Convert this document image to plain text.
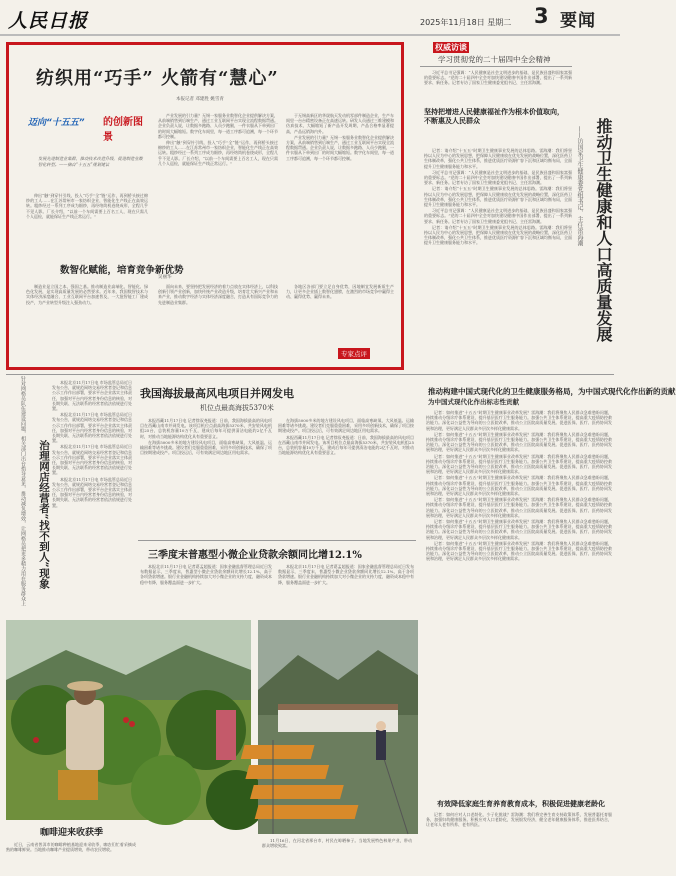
人民日报	2025年11月18日 星期二 3 要闻
纺织用“巧手” 火箭有“慧心”
本报记者 邓建胜 姚雪青
迈向“十五五” 的创新图景
发展先进制造业集群，推动技术改造升级，促进制造业数智化转型。——摘自“十五五”规划建议

伸出“触”到穿针引线，投入“巧手”全“链”运作，再到桥头接过棉纱的工人……在江苏常州市一家纺织企业，智能化生产线正在高效运转。粗纱经过一系列工序成为细纱，再经络筒机卷绕成形，全程几乎不见人影。厂长介绍，“以前一个车间需要上百名工人，现在只需几个人巡检，就能保证生产线正常运行。”

产业发展的引力量？无锡一家服务业数智化企业提供解决方案，从前端销售到后端生产，通过工业互联网平台实现全流程数据贯通。企业负责人说，让数据多跑路、人员少跑腿，一件衣服从下单到出厂的时间大幅缩短。数字化车间里，每一道工序都可追溯，每一个环节都可控制。

伸出“触”到穿针引线，投入“巧手”全“链”运作，再到桥头接过棉纱的工人……在江苏常州市一家纺织企业，智能化生产线正在高效运转。粗纱经过一系列工序成为细纱，再经络筒机卷绕成形，全程几乎不见人影。厂长介绍，“以前一个车间需要上百名工人，现在只需几个人巡检，就能保证生产线正常运行。”

于无锡高新区的华晟航天发动机零部件制造企业，生产车间里一台台精密设备正在高速运转。研发人员通过三维建模和仿真技术，大幅缩短了新产品开发周期，产品合格率显著提高，产品远销海内外。

产业发展的引力量？无锡一家服务业数智化企业提供解决方案，从前端销售到后端生产，通过工业互联网平台实现全流程数据贯通。企业负责人说，让数据多跑路、人员少跑腿，一件衣服从下单到出厂的时间大幅缩短。数字化车间里，每一道工序都可追溯，每一个环节都可控制。

数智化赋能，培育竞争新优势
吴丽华

制造业是立国之本、强国之基。推动制造业高端化、智能化、绿色化发展，是实现高质量发展的必然要求。近年来，我国数智技术与实体经济深度融合，工业互联网平台加速普及，一大批智能工厂建成投产，为产业转型升级注入强劲动力。

面向未来，要坚持把发展经济的着力点放在实体经济上，以科技创新引领产业创新，加快传统产业改造升级，培育壮大新兴产业和未来产业，推动数字经济与实体经济深度融合，打造具有国际竞争力的先进制造业集群。

各地区各部门要立足自身优势，因地制宜发展新质生产力，让更多企业插上数智化翅膀，在激烈的市场竞争中赢得主动、赢得优势、赢得未来。

专家点评
权威访谈
学习贯彻党的二十届四中全会精神

习近平总书记强调：“人民健康是社会文明进步的基础，是民族昌盛和国家富强的重要标志。”党的二十届四中全会对加快建设健康中国作出部署，提出了一系列新要求、新任务。记者专访了国家卫生健康委党组书记、主任雷海潮。

坚持把增进人民健康福祉作为根本价值取向，不断惠及人民群众

记者：请介绍“十五五”时期卫生健康事业发展的总体思路。雷海潮：我们将坚持以人民为中心的发展思想，把保障人民健康放在优先发展的战略位置，深化医药卫生体制改革，强化公共卫生体系，推进优质医疗资源扩容下沉和区域均衡布局，全面提升卫生健康服务能力和水平。

习近平总书记强调：“人民健康是社会文明进步的基础，是民族昌盛和国家富强的重要标志。”党的二十届四中全会对加快建设健康中国作出部署，提出了一系列新要求、新任务。记者专访了国家卫生健康委党组书记、主任雷海潮。

记者：请介绍“十五五”时期卫生健康事业发展的总体思路。雷海潮：我们将坚持以人民为中心的发展思想，把保障人民健康放在优先发展的战略位置，深化医药卫生体制改革，强化公共卫生体系，推进优质医疗资源扩容下沉和区域均衡布局，全面提升卫生健康服务能力和水平。

习近平总书记强调：“人民健康是社会文明进步的基础，是民族昌盛和国家富强的重要标志。”党的二十届四中全会对加快建设健康中国作出部署，提出了一系列新要求、新任务。记者专访了国家卫生健康委党组书记、主任雷海潮。

记者：请介绍“十五五”时期卫生健康事业发展的总体思路。雷海潮：我们将坚持以人民为中心的发展思想，把保障人民健康放在优先发展的战略位置，深化医药卫生体制改革，强化公共卫生体系，推进优质医疗资源扩容下沉和区域均衡布局，全面提升卫生健康服务能力和水平。	推动卫生健康和人口高质量发展
——访国家卫生健康委党组书记、主任雷海潮
针对网格员队伍建设问题，相关部门出台指导意见，推动减负增效，让网格员把更多精力用在服务群众上	治理网店经营者“找不到人”现象

本报北京11月17日电 市场监管总局近日发布公告，就规范网络交易经营者登记和信息公示工作作出部署，要求平台企业落实主体责任，加强对平台内经营者身份信息的核验，对长期失联、无法联系的经营者依法依规进行处置。

本报北京11月17日电 市场监管总局近日发布公告，就规范网络交易经营者登记和信息公示工作作出部署，要求平台企业落实主体责任，加强对平台内经营者身份信息的核验，对长期失联、无法联系的经营者依法依规进行处置。

本报北京11月17日电 市场监管总局近日发布公告，就规范网络交易经营者登记和信息公示工作作出部署，要求平台企业落实主体责任，加强对平台内经营者身份信息的核验，对长期失联、无法联系的经营者依法依规进行处置。

本报北京11月17日电 市场监管总局近日发布公告，就规范网络交易经营者登记和信息公示工作作出部署，要求平台企业落实主体责任，加强对平台内经营者身份信息的核验，对长期失联、无法联系的经营者依法依规进行处置。

我国海拔最高风电项目并网发电
机位点最高海拔5370米

本报西藏11月17日电 记者徐驭尧报道：日前，我国海拔最高的风电项目在西藏山南市并网发电。该项目机位点最高海拔5370米，共安装风电机组25台，总装机容量10万千瓦，建成后每年可提供清洁电能约2亿千瓦时，对推动当地能源结构优化具有重要意义。

在海拔5000多米的地方建设风电项目，面临高寒缺氧、大风低温、运输困难等诸多挑战。建设者们克服重重困难，采用多项创新技术，确保了项目按期建成投产。项目投运后，可有效满足周边地区用电需求。

在海拔5000多米的地方建设风电项目，面临高寒缺氧、大风低温、运输困难等诸多挑战。建设者们克服重重困难，采用多项创新技术，确保了项目按期建成投产。项目投运后，可有效满足周边地区用电需求。

本报西藏11月17日电 记者徐驭尧报道：日前，我国海拔最高的风电项目在西藏山南市并网发电。该项目机位点最高海拔5370米，共安装风电机组25台，总装机容量10万千瓦，建成后每年可提供清洁电能约2亿千瓦时，对推动当地能源结构优化具有重要意义。

三季度末普惠型小微企业贷款余额同比增12.1%

本报北京11月17日电 记者葛孟超报道：国家金融监督管理总局近日发布数据显示，三季度末，普惠型小微企业贷款余额同比增长12.1%，高于各项贷款增速。银行业金融机构持续加大对小微企业的支持力度，融资成本稳中有降，服务覆盖面进一步扩大。

本报北京11月17日电 记者葛孟超报道：国家金融监督管理总局近日发布数据显示，三季度末，普惠型小微企业贷款余额同比增长12.1%，高于各项贷款增速。银行业金融机构持续加大对小微企业的支持力度，融资成本稳中有降，服务覆盖面进一步扩大。

推动构建中国式现代化的卫生健康服务格局，为中国式现代化作出新的贡献
为中国式现代化作出标志性贡献

记者：如何推进“十五五”时期卫生健康事业改革发展？雷海潮：我们将聚焦人民群众急难愁盼问题，持续推动分级诊疗体系建设，提升基层医疗卫生服务能力。加强公共卫生体系建设，提高重大疫情防控救治能力。深化以公益性为导向的公立医院改革，推动公立医院高质量发展。促进医保、医疗、医药协同发展和治理，更好满足人民群众多层次多样化健康需求。

记者：如何推进“十五五”时期卫生健康事业改革发展？雷海潮：我们将聚焦人民群众急难愁盼问题，持续推动分级诊疗体系建设，提升基层医疗卫生服务能力。加强公共卫生体系建设，提高重大疫情防控救治能力。深化以公益性为导向的公立医院改革，推动公立医院高质量发展。促进医保、医疗、医药协同发展和治理，更好满足人民群众多层次多样化健康需求。

记者：如何推进“十五五”时期卫生健康事业改革发展？雷海潮：我们将聚焦人民群众急难愁盼问题，持续推动分级诊疗体系建设，提升基层医疗卫生服务能力。加强公共卫生体系建设，提高重大疫情防控救治能力。深化以公益性为导向的公立医院改革，推动公立医院高质量发展。促进医保、医疗、医药协同发展和治理，更好满足人民群众多层次多样化健康需求。

记者：如何推进“十五五”时期卫生健康事业改革发展？雷海潮：我们将聚焦人民群众急难愁盼问题，持续推动分级诊疗体系建设，提升基层医疗卫生服务能力。加强公共卫生体系建设，提高重大疫情防控救治能力。深化以公益性为导向的公立医院改革，推动公立医院高质量发展。促进医保、医疗、医药协同发展和治理，更好满足人民群众多层次多样化健康需求。

记者：如何推进“十五五”时期卫生健康事业改革发展？雷海潮：我们将聚焦人民群众急难愁盼问题，持续推动分级诊疗体系建设，提升基层医疗卫生服务能力。加强公共卫生体系建设，提高重大疫情防控救治能力。深化以公益性为导向的公立医院改革，推动公立医院高质量发展。促进医保、医疗、医药协同发展和治理，更好满足人民群众多层次多样化健康需求。

记者：如何推进“十五五”时期卫生健康事业改革发展？雷海潮：我们将聚焦人民群众急难愁盼问题，持续推动分级诊疗体系建设，提升基层医疗卫生服务能力。加强公共卫生体系建设，提高重大疫情防控救治能力。深化以公益性为导向的公立医院改革，推动公立医院高质量发展。促进医保、医疗、医药协同发展和治理，更好满足人民群众多层次多样化健康需求。

记者：如何推进“十五五”时期卫生健康事业改革发展？雷海潮：我们将聚焦人民群众急难愁盼问题，持续推动分级诊疗体系建设，提升基层医疗卫生服务能力。加强公共卫生体系建设，提高重大疫情防控救治能力。深化以公益性为导向的公立医院改革，推动公立医院高质量发展。促进医保、医疗、医药协同发展和治理，更好满足人民群众多层次多样化健康需求。

有效降低家庭生育养育教育成本，积极促进健康老龄化

记者：如何应对人口老龄化、少子化挑战？雷海潮：我们将完善生育支持政策体系，发展普惠托育服务，加强妇幼健康服务。积极应对人口老龄化，发展银发经济，健全老年健康服务体系，推进医养结合，让老年人老有所养、老有所医。

咖啡迎来收获季

近日，云南省普洱市的咖啡种植基地迎来采收季，咖农们忙着采摘成熟的咖啡鲜果。当地推动咖啡产业提质增效，带动农民增收。

11月16日，在河北省邢台市，村民在晾晒柿子。当地发展特色林果产业，带动群众增收致富。
